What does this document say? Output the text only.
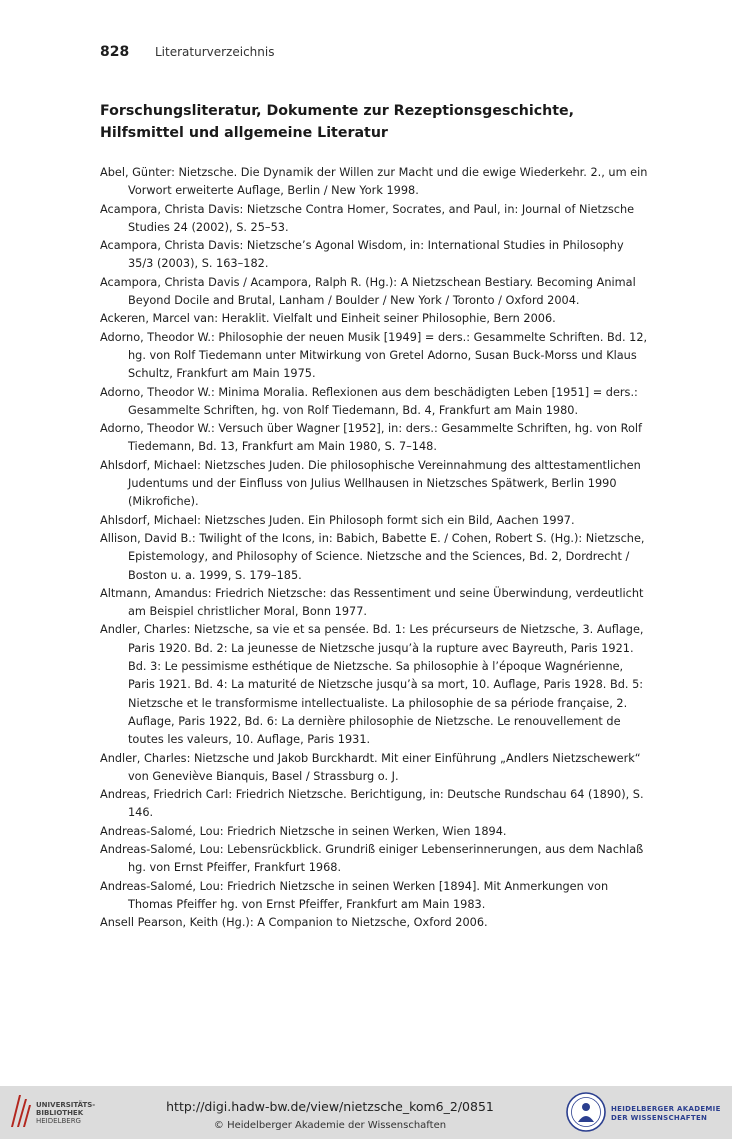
828	Literaturverzeichnis
Forschungsliteratur, Dokumente zur Rezeptionsgeschichte, Hilfsmittel und allgemeine Literatur

Abel, Günter: Nietzsche. Die Dynamik der Willen zur Macht und die ewige Wiederkehr. 2., um ein Vorwort erweiterte Auflage, Berlin / New York 1998.

Acampora, Christa Davis: Nietzsche Contra Homer, Socrates, and Paul, in: Journal of Nietzsche Studies 24 (2002), S. 25–53.

Acampora, Christa Davis: Nietzsche’s Agonal Wisdom, in: International Studies in Philosophy 35/3 (2003), S. 163–182.

Acampora, Christa Davis / Acampora, Ralph R. (Hg.): A Nietzschean Bestiary. Becoming Animal Beyond Docile and Brutal, Lanham / Boulder / New York / Toronto / Oxford 2004.

Ackeren, Marcel van: Heraklit. Vielfalt und Einheit seiner Philosophie, Bern 2006.

Adorno, Theodor W.: Philosophie der neuen Musik [1949] = ders.: Gesammelte Schriften. Bd. 12, hg. von Rolf Tiedemann unter Mitwirkung von Gretel Adorno, Susan Buck-Morss und Klaus Schultz, Frankfurt am Main 1975.

Adorno, Theodor W.: Minima Moralia. Reflexionen aus dem beschädigten Leben [1951] = ders.: Gesammelte Schriften, hg. von Rolf Tiedemann, Bd. 4, Frankfurt am Main 1980.

Adorno, Theodor W.: Versuch über Wagner [1952], in: ders.: Gesammelte Schriften, hg. von Rolf Tiedemann, Bd. 13, Frankfurt am Main 1980, S. 7–148.

Ahlsdorf, Michael: Nietzsches Juden. Die philosophische Vereinnahmung des alttestamentlichen Judentums und der Einfluss von Julius Wellhausen in Nietzsches Spätwerk, Berlin 1990 (Mikrofiche).

Ahlsdorf, Michael: Nietzsches Juden. Ein Philosoph formt sich ein Bild, Aachen 1997.

Allison, David B.: Twilight of the Icons, in: Babich, Babette E. / Cohen, Robert S. (Hg.): Nietzsche, Epistemology, and Philosophy of Science. Nietzsche and the Sciences, Bd. 2, Dordrecht / Boston u. a. 1999, S. 179–185.

Altmann, Amandus: Friedrich Nietzsche: das Ressentiment und seine Überwindung, verdeutlicht am Beispiel christlicher Moral, Bonn 1977.

Andler, Charles: Nietzsche, sa vie et sa pensée. Bd. 1: Les précurseurs de Nietzsche, 3. Auflage, Paris 1920. Bd. 2: La jeunesse de Nietzsche jusqu’à la rupture avec Bayreuth, Paris 1921. Bd. 3: Le pessimisme esthétique de Nietzsche. Sa philosophie à l’époque Wagnérienne, Paris 1921. Bd. 4: La maturité de Nietzsche jusqu’à sa mort, 10. Auflage, Paris 1928. Bd. 5: Nietzsche et le transformisme intellectualiste. La philosophie de sa période française, 2. Auflage, Paris 1922, Bd. 6: La dernière philosophie de Nietzsche. Le renouvellement de toutes les valeurs, 10. Auflage, Paris 1931.

Andler, Charles: Nietzsche und Jakob Burckhardt. Mit einer Einführung „Andlers Nietzschewerk“ von Geneviève Bianquis, Basel / Strassburg o. J.

Andreas, Friedrich Carl: Friedrich Nietzsche. Berichtigung, in: Deutsche Rundschau 64 (1890), S. 146.

Andreas-Salomé, Lou: Friedrich Nietzsche in seinen Werken, Wien 1894.

Andreas-Salomé, Lou: Lebensrückblick. Grundriß einiger Lebenserinnerungen, aus dem Nachlaß hg. von Ernst Pfeiffer, Frankfurt 1968.

Andreas-Salomé, Lou: Friedrich Nietzsche in seinen Werken [1894]. Mit Anmerkungen von Thomas Pfeiffer hg. von Ernst Pfeiffer, Frankfurt am Main 1983.

Ansell Pearson, Keith (Hg.): A Companion to Nietzsche, Oxford 2006.

UNIVERSITÄTS-
BIBLIOTHEK
HEIDELBERG
http://digi.hadw-bw.de/view/nietzsche_kom6_2/0851
© Heidelberger Akademie der Wissenschaften
HEIDELBERGER AKADEMIE
DER WISSENSCHAFTEN
